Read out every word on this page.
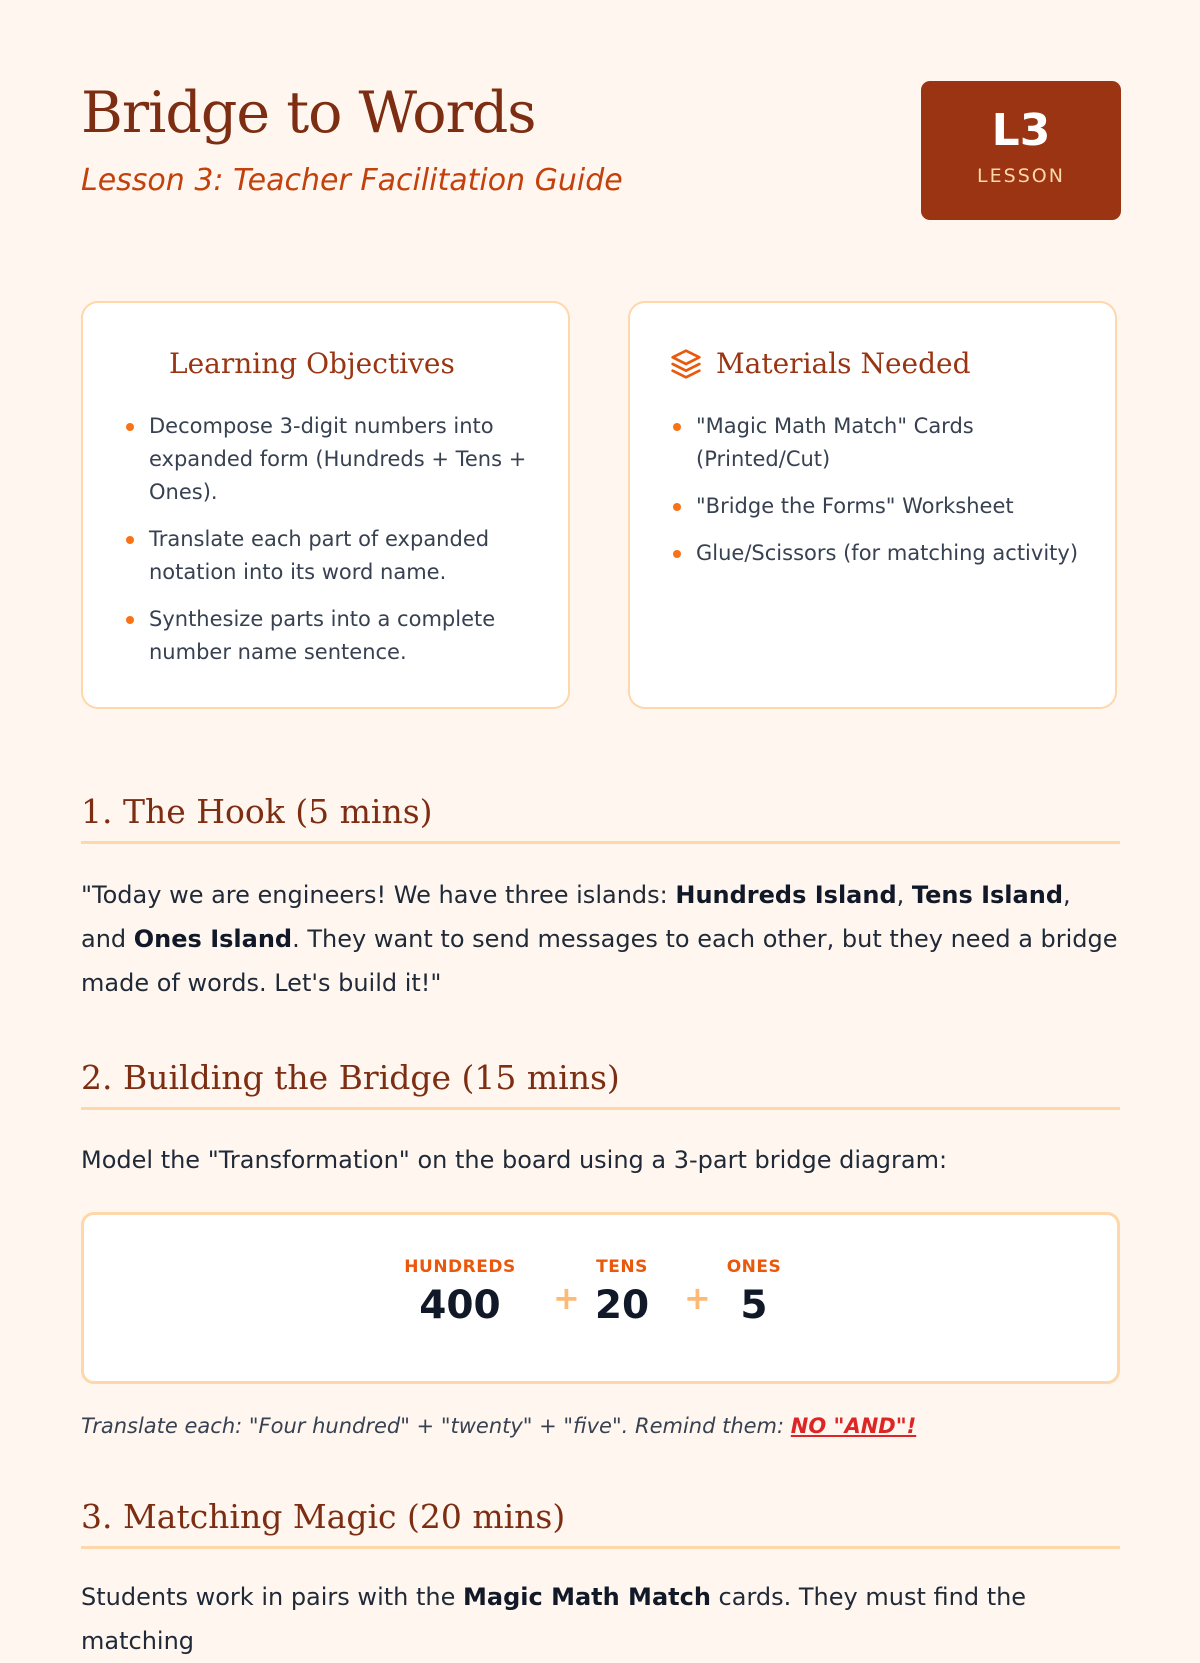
Bridge to Words

Lesson 3: Teacher Facilitation Guide

L3
LESSON
Learning Objectives
Decompose 3-digit numbers into expanded form (Hundreds + Tens + Ones).
Translate each part of expanded notation into its word name.
Synthesize parts into a complete number name sentence.
Materials Needed
"Magic Math Match" Cards (Printed/Cut)
"Bridge the Forms" Worksheet
Glue/Scissors (for matching activity)
1. The Hook (5 mins)

"Today we are engineers! We have three islands: Hundreds Island, Tens Island, and Ones Island. They want to send messages to each other, but they need a bridge made of words. Let's build it!"

2. Building the Bridge (15 mins)

Model the "Transformation" on the board using a 3-part bridge diagram:

HUNDREDS
400	+
TENS
20	+
ONES
5

Translate each: "Four hundred" + "twenty" + "five". Remind them: NO "AND"!

3. Matching Magic (20 mins)

Students work in pairs with the Magic Math Match cards. They must find the matching
